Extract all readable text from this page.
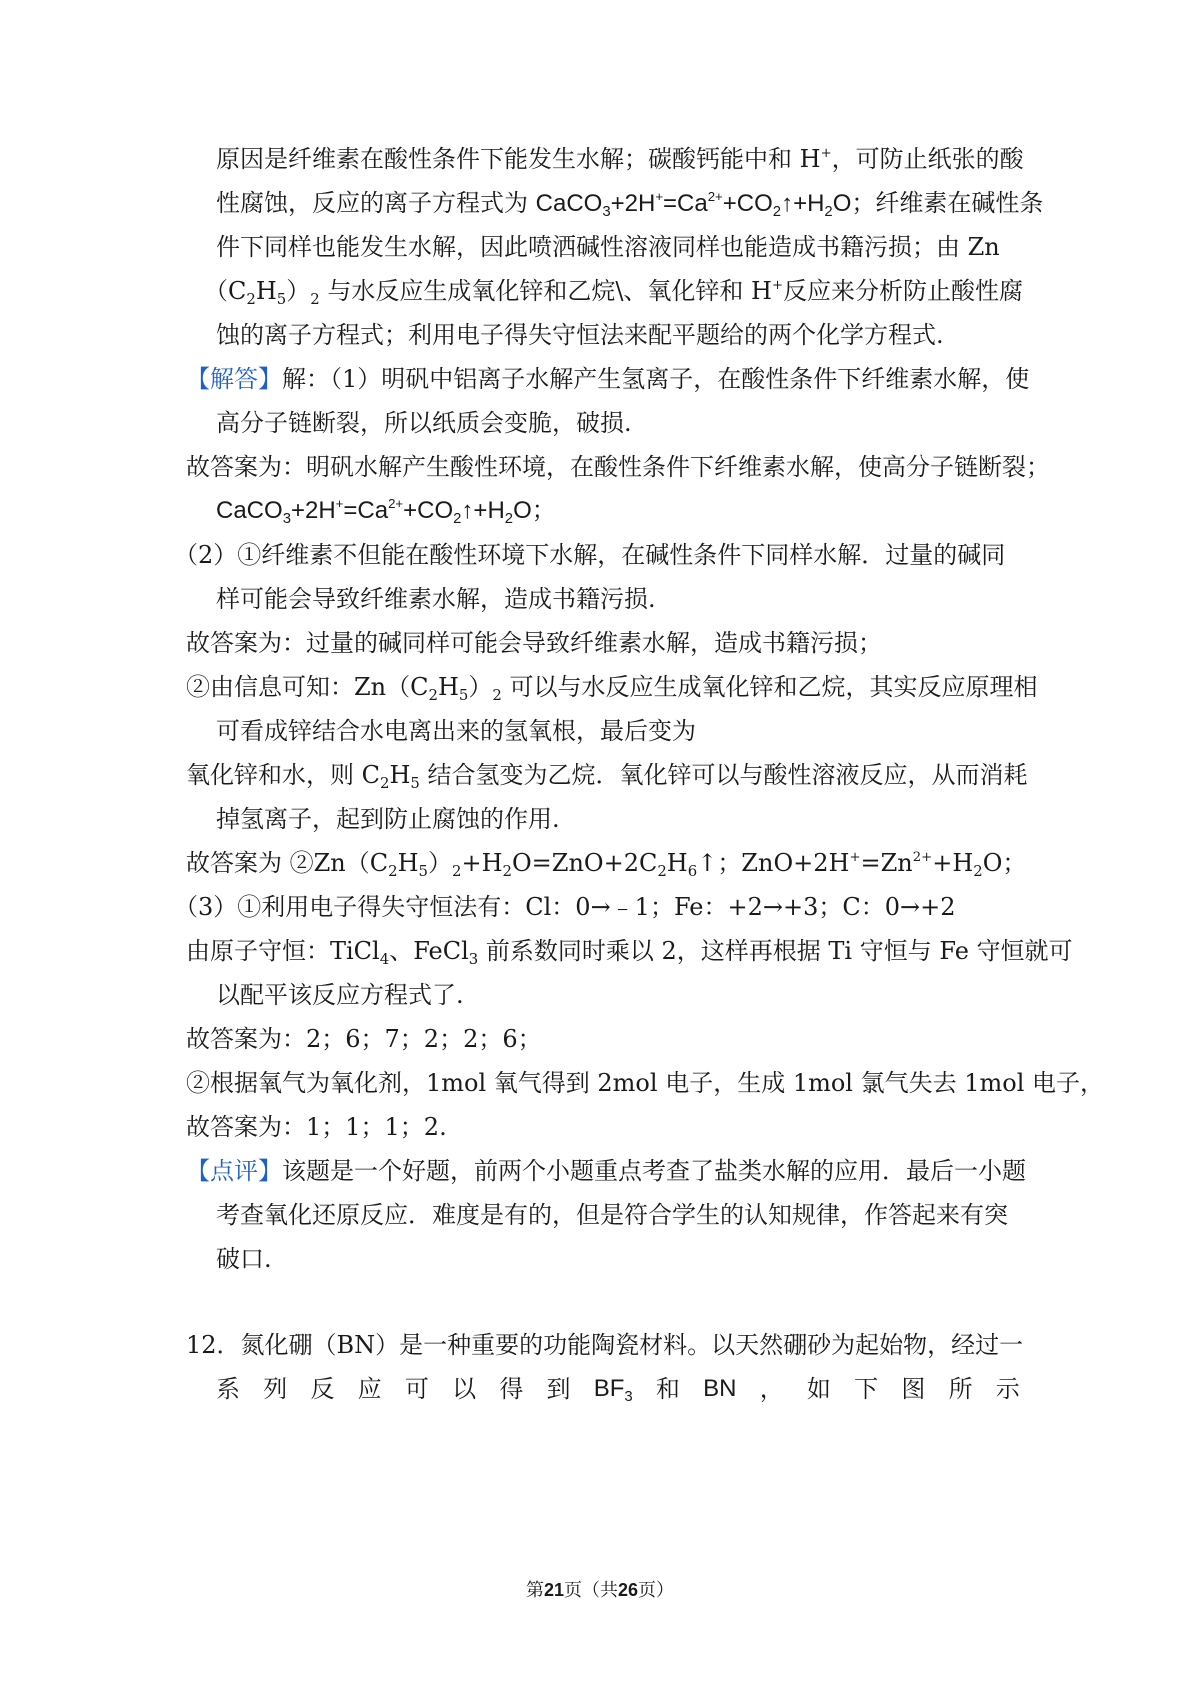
原因是纤维素在酸性条件下能发生水解；碳酸钙能中和 H+，可防止纸张的酸
性腐蚀，反应的离子方程式为 $CaCO_3+2H^+=Ca^{2+}+CO_2↑+H_2O$；纤维素在碱性条
件下同样也能发生水解，因此喷洒碱性溶液同样也能造成书籍污损；由 Zn
$(C_2H_5)_2$ 与水反应生成氧化锌和乙烷\、氧化锌和 H+反应来分析防止酸性腐
蚀的离子方程式；利用电子得失守恒法来配平题给的两个化学方程式.
【解答】解：（1）明矾中铝离子水解产生氢离子，在酸性条件下纤维素水解，使
高分子链断裂，所以纸质会变脆，破损.
故答案为：明矾水解产生酸性环境，在酸性条件下纤维素水解，使高分子链断裂；
$CaCO_3+2H^+=Ca^{2+}+CO_2↑+H_2O$；
（2）①纤维素不但能在酸性环境下水解，在碱性条件下同样水解．过量的碱同
样可能会导致纤维素水解，造成书籍污损.
故答案为：过量的碱同样可能会导致纤维素水解，造成书籍污损；
②由信息可知：$Zn(C_2H_5)_2$ 可以与水反应生成氧化锌和乙烷，其实反应原理相
可看成锌结合水电离出来的氢氧根，最后变为
氧化锌和水，则 $C_2H_5$ 结合氢变为乙烷．氧化锌可以与酸性溶液反应，从而消耗
掉氢离子，起到防止腐蚀的作用.
故答案为 $②Zn(C_2H_5)_2+H_2O=ZnO+2C_2H_6↑$；$ZnO+2H^+=Zn^{2+}+H_2O$；
（3）①利用电子得失守恒法有：Cl：0→﹣1；Fe：+2→+3；C：0→+2
由原子守恒：TiCl$_4$、FeCl$_3$ 前系数同时乘以 2，这样再根据 Ti 守恒与 Fe 守恒就可
以配平该反应方程式了.
故答案为：2；6；7；2；2；6；
②根据氧气为氧化剂，1mol 氧气得到 2mol 电子，生成 1mol 氯气失去 1mol 电子，
故答案为：1；1；1；2.
【点评】该题是一个好题，前两个小题重点考查了盐类水解的应用．最后一小题
考查氧化还原反应．难度是有的，但是符合学生的认知规律，作答起来有突
破口.
12．氮化硼（BN）是一种重要的功能陶瓷材料。以天然硼砂为起始物，经过一
系 列 反 应 可 以 得 到 $BF_3$ 和 BN ， 如 下 图 所 示
第21页（共26页）
